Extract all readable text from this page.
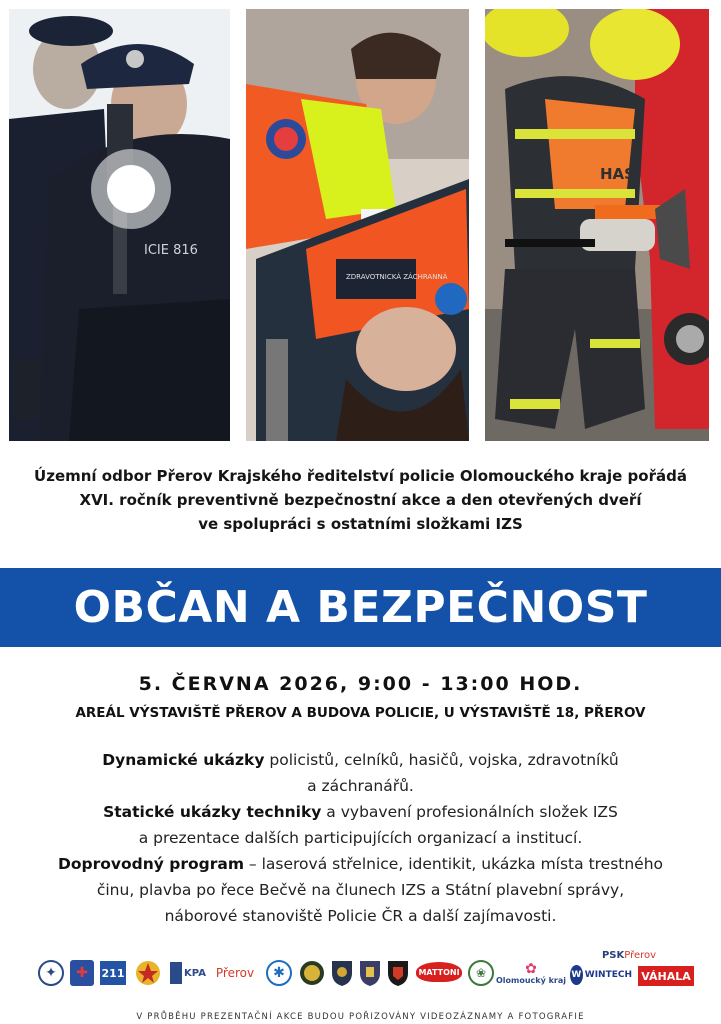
ICIE 816
ZDRAVOTNICKÁ ZÁCHRANNÁ
HASI
Územní odbor Přerov Krajského ředitelství policie Olomouckého kraje pořádá
XVI. ročník preventivně bezpečnostní akce a den otevřených dveří
ve spolupráci s ostatními složkami IZS
OBČAN A BEZPEČNOST
5. ČERVNA 2026, 9:00 - 13:00 HOD.
AREÁL VÝSTAVIŠTĚ PŘEROV A BUDOVA POLICIE, U VÝSTAVIŠTĚ 18, PŘEROV
Dynamické ukázky policistů, celníků, hasičů, vojska, zdravotníků
a záchranářů.
Statické ukázky techniky a vybavení profesionálních složek IZS
a prezentace dalších participujících organizací a institucí.
Doprovodný program – laserová střelnice, identikit, ukázka místa trestného
činu, plavba po řece Bečvě na člunech IZS a Státní plavební správy,
náborové stanoviště Policie ČR a další zajímavosti.
✦ ✚ 211	KPA Přerov	✱	MATTONI ❀	✿
Olomoucký kraj
W WINTECH
PSK Přerov
VÁHALA
V PRŮBĚHU PREZENTAČNÍ AKCE BUDOU POŘIZOVÁNY VIDEOZÁZNAMY A FOTOGRAFIE
